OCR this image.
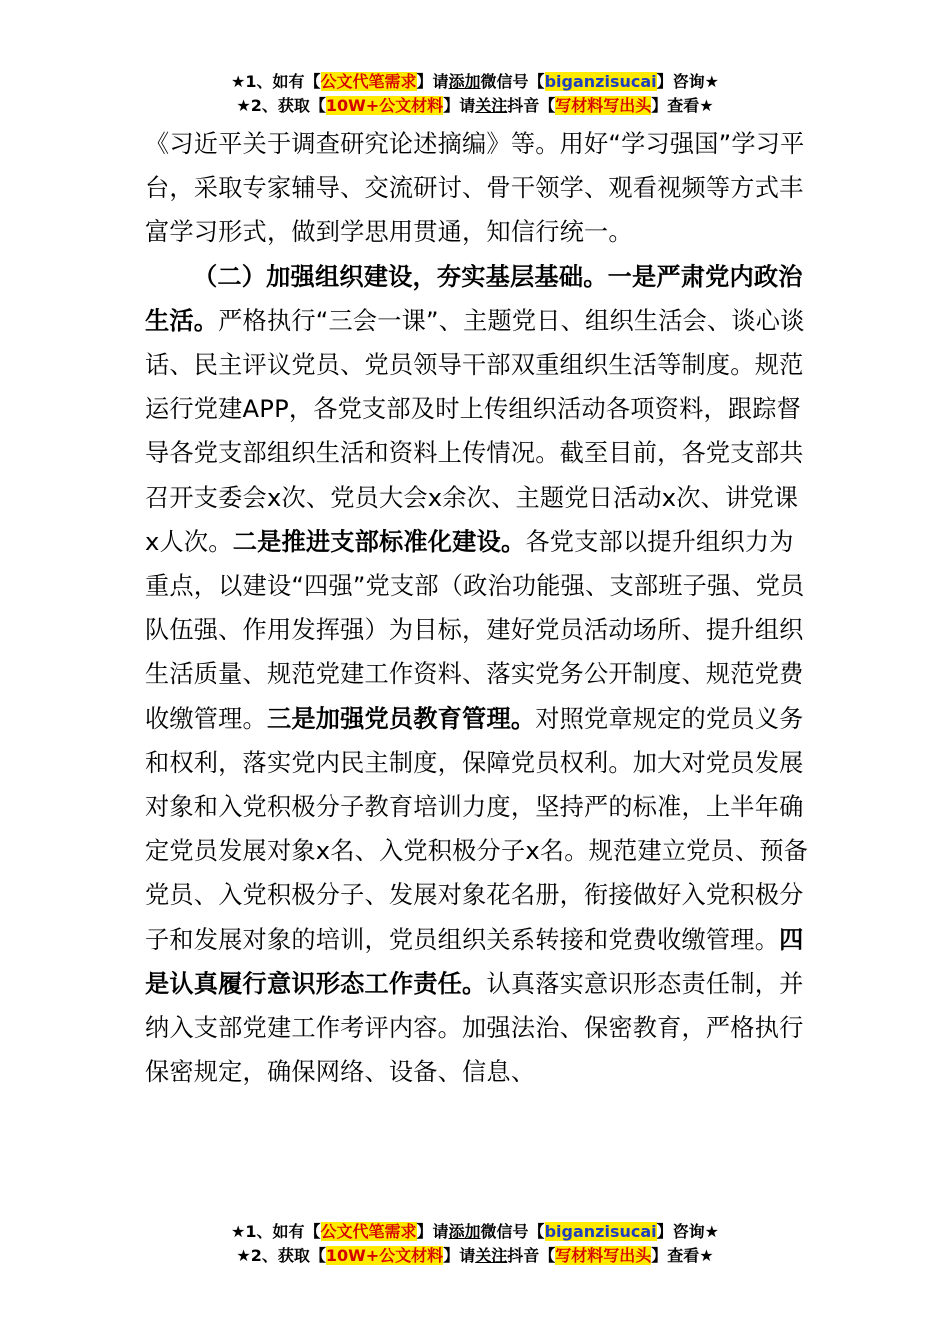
★1、如有【公文代笔需求】请添加微信号【biganzisucai】咨询★
★2、获取【10W+公文材料】请关注抖音【写材料写出头】查看★

《习近平关于调查研究论述摘编》等。用好“学习强国”学习平台，采取专家辅导、交流研讨、骨干领学、观看视频等方式丰富学习形式，做到学思用贯通，知信行统一。

（二）加强组织建设，夯实基层基础。一是严肃党内政治生活。严格执行“三会一课”、主题党日、组织生活会、谈心谈话、民主评议党员、党员领导干部双重组织生活等制度。规范运行党建APP，各党支部及时上传组织活动各项资料，跟踪督导各党支部组织生活和资料上传情况。截至目前，各党支部共召开支委会x次、党员大会x余次、主题党日活动x次、讲党课x人次。二是推进支部标准化建设。各党支部以提升组织力为重点，以建设“四强”党支部（政治功能强、支部班子强、党员队伍强、作用发挥强）为目标，建好党员活动场所、提升组织生活质量、规范党建工作资料、落实党务公开制度、规范党费收缴管理。三是加强党员教育管理。对照党章规定的党员义务和权利，落实党内民主制度，保障党员权利。加大对党员发展对象和入党积极分子教育培训力度，坚持严的标准，上半年确定党员发展对象x名、入党积极分子x名。规范建立党员、预备党员、入党积极分子、发展对象花名册，衔接做好入党积极分子和发展对象的培训，党员组织关系转接和党费收缴管理。四是认真履行意识形态工作责任。认真落实意识形态责任制，并纳入支部党建工作考评内容。加强法治、保密教育，严格执行保密规定，确保网络、设备、信息、

★1、如有【公文代笔需求】请添加微信号【biganzisucai】咨询★
★2、获取【10W+公文材料】请关注抖音【写材料写出头】查看★
